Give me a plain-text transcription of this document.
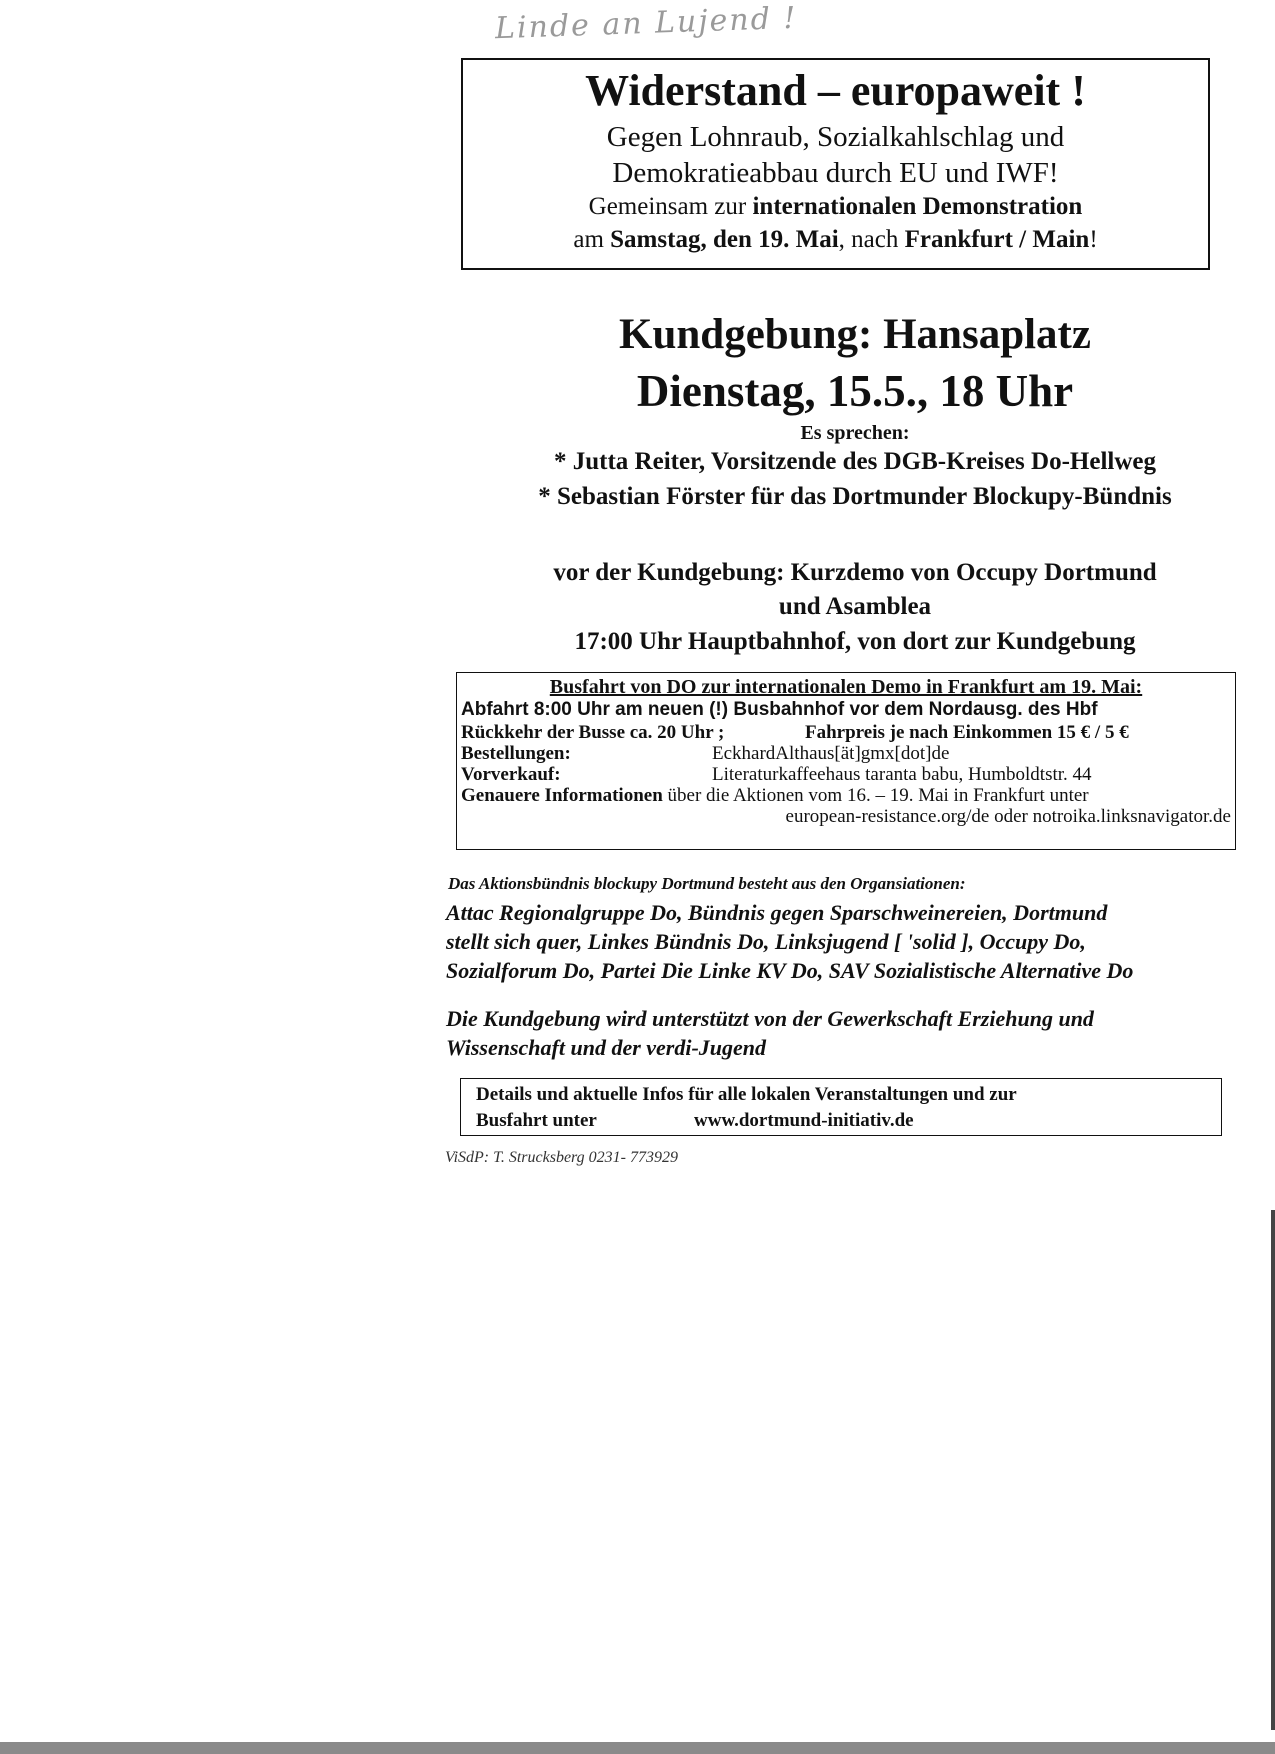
Linde an Lujend !
Widerstand – europaweit !
Gegen Lohnraub, Sozialkahlschlag und
Demokratieabbau durch EU und IWF!
Gemeinsam zur internationalen Demonstration
am Samstag, den 19. Mai, nach Frankfurt / Main!
Kundgebung: Hansaplatz
Dienstag, 15.5., 18 Uhr
Es sprechen:
* Jutta Reiter, Vorsitzende des DGB-Kreises Do-Hellweg
* Sebastian Förster für das Dortmunder Blockupy-Bündnis
vor der Kundgebung: Kurzdemo von Occupy Dortmund
und Asamblea
17:00 Uhr Hauptbahnhof, von dort zur Kundgebung
Busfahrt von DO zur internationalen Demo in Frankfurt am 19. Mai:
Abfahrt 8:00 Uhr am neuen (!) Busbahnhof vor dem Nordausg. des Hbf
Rückkehr der Busse ca. 20 Uhr ;	Fahrpreis je nach Einkommen 15 € / 5 €
Bestellungen:	EckhardAlthaus[ät]gmx[dot]de
Vorverkauf:	Literaturkaffeehaus taranta babu, Humboldtstr. 44
Genauere Informationen über die Aktionen vom 16. – 19. Mai in Frankfurt unter
european-resistance.org/de oder notroika.linksnavigator.de
Das Aktionsbündnis blockupy Dortmund besteht aus den Organsiationen:
Attac Regionalgruppe Do, Bündnis gegen Sparschweinereien, Dortmund
stellt sich quer, Linkes Bündnis Do, Linksjugend [ 'solid ], Occupy Do,
Sozialforum Do, Partei Die Linke KV Do, SAV Sozialistische Alternative Do
Die Kundgebung wird unterstützt von der Gewerkschaft Erziehung und
Wissenschaft und der verdi-Jugend
Details und aktuelle Infos für alle lokalen Veranstaltungen und zur
Busfahrt unter	www.dortmund-initiativ.de
ViSdP: T. Strucksberg 0231- 773929
